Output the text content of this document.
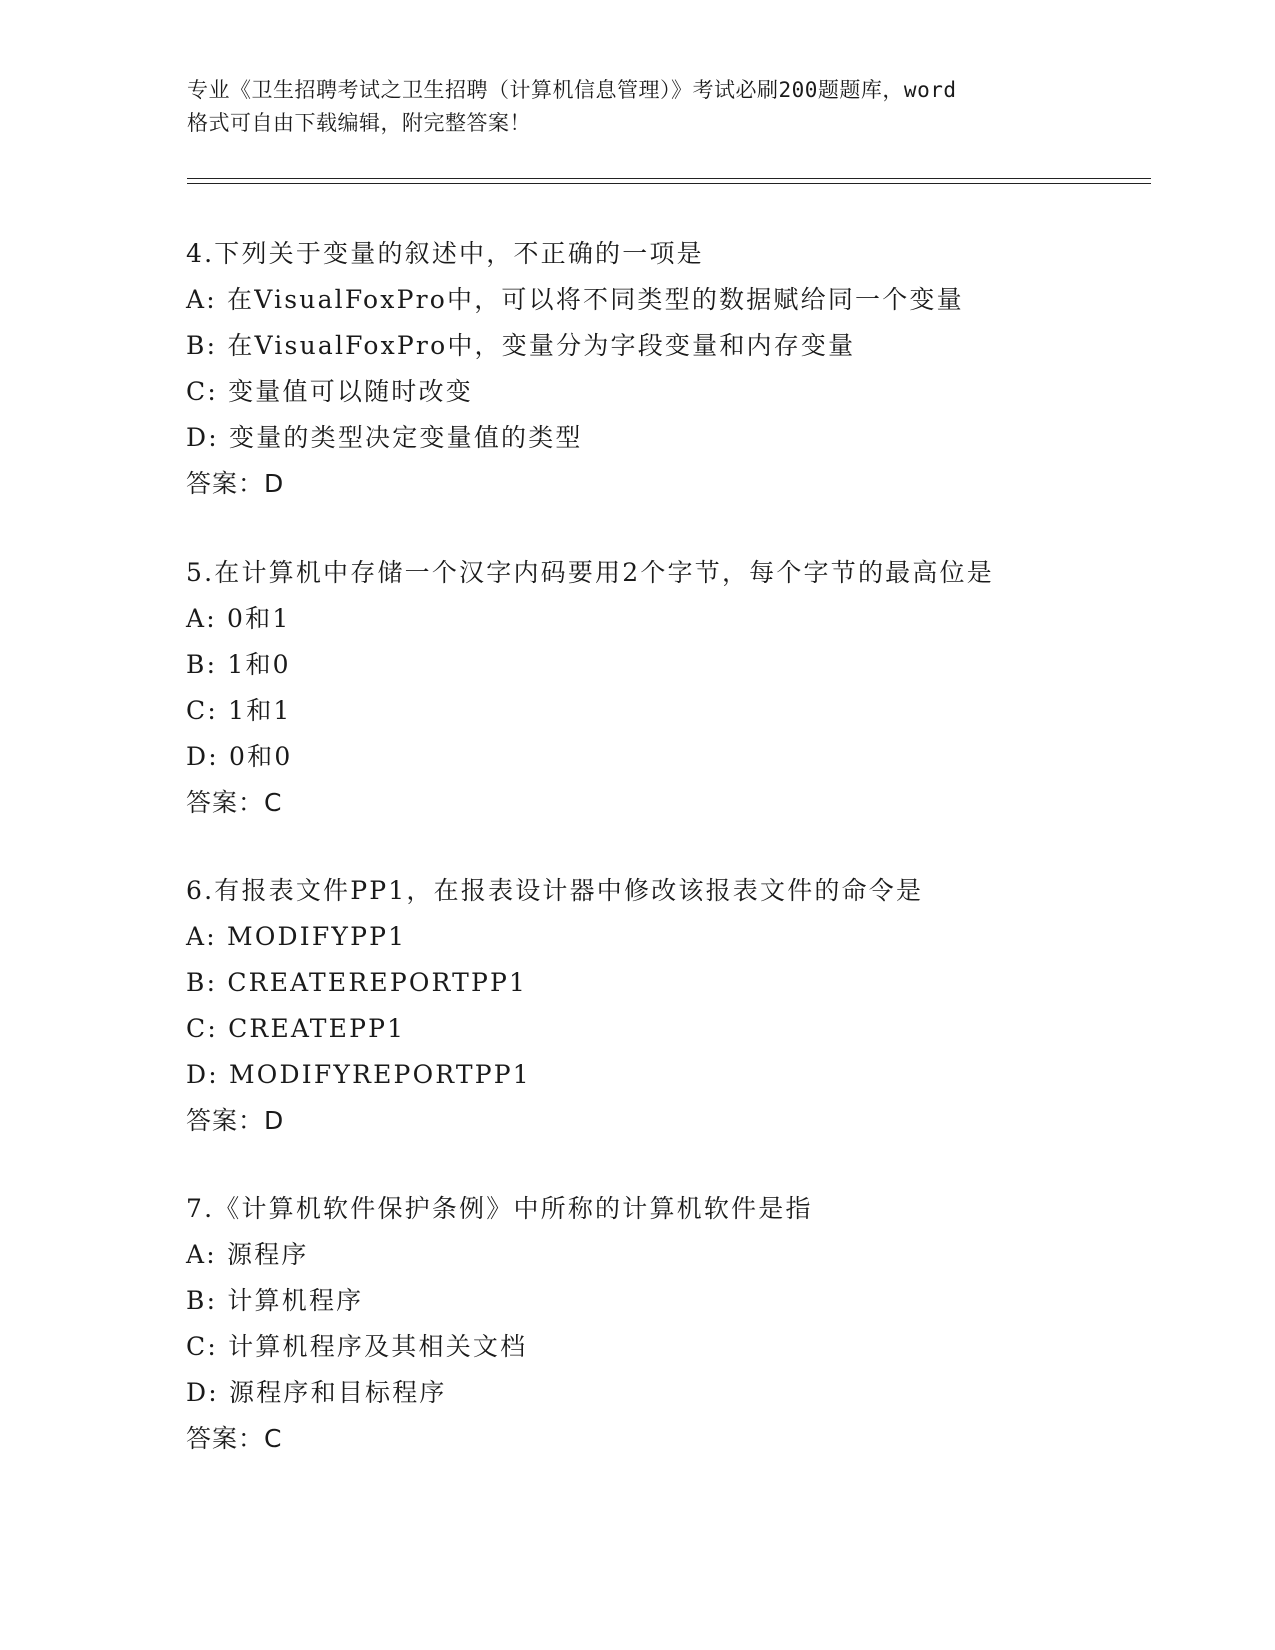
专业《卫生招聘考试之卫生招聘（计算机信息管理）》考试必刷200题题库，word
格式可自由下载编辑，附完整答案！
4.下列关于变量的叙述中，不正确的一项是
A: 在VisualFoxPro中，可以将不同类型的数据赋给同一个变量
B: 在VisualFoxPro中，变量分为字段变量和内存变量
C: 变量值可以随时改变
D: 变量的类型决定变量值的类型
答案：D
5.在计算机中存储一个汉字内码要用2个字节，每个字节的最高位是
A: 0和1
B: 1和0
C: 1和1
D: 0和0
答案：C
6.有报表文件PP1，在报表设计器中修改该报表文件的命令是
A: MODIFYPP1
B: CREATEREPORTPP1
C: CREATEPP1
D: MODIFYREPORTPP1
答案：D
7.《计算机软件保护条例》中所称的计算机软件是指
A: 源程序
B: 计算机程序
C: 计算机程序及其相关文档
D: 源程序和目标程序
答案：C
